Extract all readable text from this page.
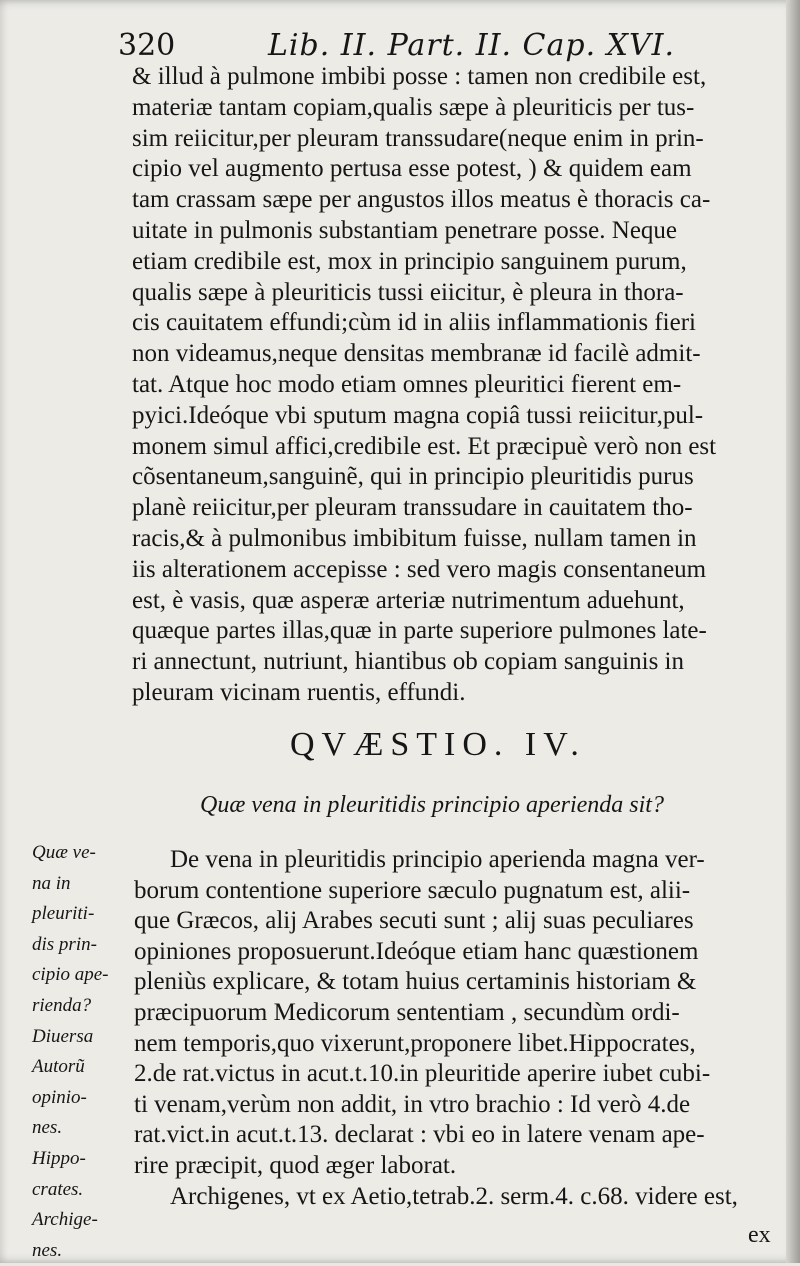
320	Lib. II. Part. II. Cap. XVI.
& illud à pulmone imbibi posse : tamen non credibile est,
materiæ tantam copiam,qualis sæpe à pleuriticis per tus-
sim reiicitur,per pleuram transsudare(neque enim in prin-
cipio vel augmento pertusa esse potest, ) & quidem eam
tam crassam sæpe per angustos illos meatus è thoracis ca-
uitate in pulmonis substantiam penetrare posse. Neque
etiam credibile est, mox in principio sanguinem purum,
qualis sæpe à pleuriticis tussi eiicitur, è pleura in thora-
cis cauitatem effundi;cùm id in aliis inflammationis fieri
non videamus,neque densitas membranæ id facilè admit-
tat. Atque hoc modo etiam omnes pleuritici fierent em-
pyici.Ideóque vbi sputum magna copiâ tussi reiicitur,pul-
monem simul affici,credibile est. Et præcipuè verò non est
cõsentaneum,sanguinẽ, qui in principio pleuritidis purus
planè reiicitur,per pleuram transsudare in cauitatem tho-
racis,& à pulmonibus imbibitum fuisse, nullam tamen in
iis alterationem accepisse : sed vero magis consentaneum
est, è vasis, quæ asperæ arteriæ nutrimentum aduehunt,
quæque partes illas,quæ in parte superiore pulmones late-
ri annectunt, nutriunt, hiantibus ob copiam sanguinis in
pleuram vicinam ruentis, effundi.
QVÆSTIO. IV.
Quæ vena in pleuritidis principio aperienda sit?
Quæ ve-
na in
pleuriti-
dis prin-
cipio ape-
rienda?
Diuersa
Autorũ
opinio-
nes.
Hippo-
crates.
Archige-
nes.
De vena in pleuritidis principio aperienda magna ver-
borum contentione superiore sæculo pugnatum est, alii-
que Græcos, alij Arabes secuti sunt ; alij suas peculiares
opiniones proposuerunt.Ideóque etiam hanc quæstionem
pleniùs explicare, & totam huius certaminis historiam &
præcipuorum Medicorum sententiam , secundùm ordi-
nem temporis,quo vixerunt,proponere libet.Hippocrates,
2.de rat.victus in acut.t.10.in pleuritide aperire iubet cubi-
ti venam,verùm non addit, in vtro brachio : Id verò 4.de
rat.vict.in acut.t.13. declarat : vbi eo in latere venam ape-
rire præcipit, quod æger laborat.
Archigenes, vt ex Aetio,tetrab.2. serm.4. c.68. videre est,
ex
